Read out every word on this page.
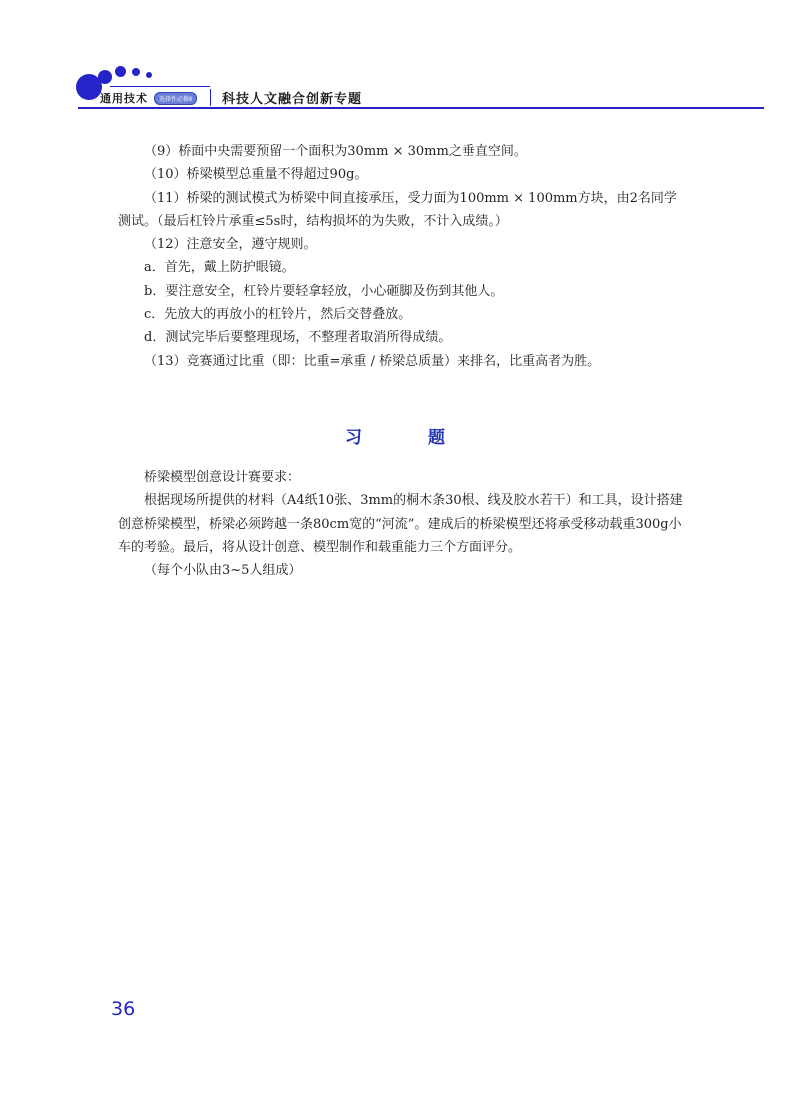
通用技术	选择性必修Ⅱ	科技人文融合创新专题

（9）桥面中央需要预留一个面积为30mm × 30mm之垂直空间。

（10）桥梁模型总重量不得超过90g。

（11）桥梁的测试模式为桥梁中间直接承压，受力面为100mm × 100mm方块，由2名同学测试。（最后杠铃片承重≤5s时，结构损坏的为失败，不计入成绩。）

（12）注意安全，遵守规则。

a．首先，戴上防护眼镜。

b．要注意安全，杠铃片要轻拿轻放，小心砸脚及伤到其他人。

c．先放大的再放小的杠铃片，然后交替叠放。

d．测试完毕后要整理现场，不整理者取消所得成绩。

（13）竞赛通过比重（即：比重=承重 / 桥梁总质量）来排名，比重高者为胜。

习 题

桥梁模型创意设计赛要求：

根据现场所提供的材料（A4纸10张、3mm的桐木条30根、线及胶水若干）和工具，设计搭建创意桥梁模型，桥梁必须跨越一条80cm宽的“河流”。建成后的桥梁模型还将承受移动载重300g小车的考验。最后，将从设计创意、模型制作和载重能力三个方面评分。

（每个小队由3~5人组成）

36
